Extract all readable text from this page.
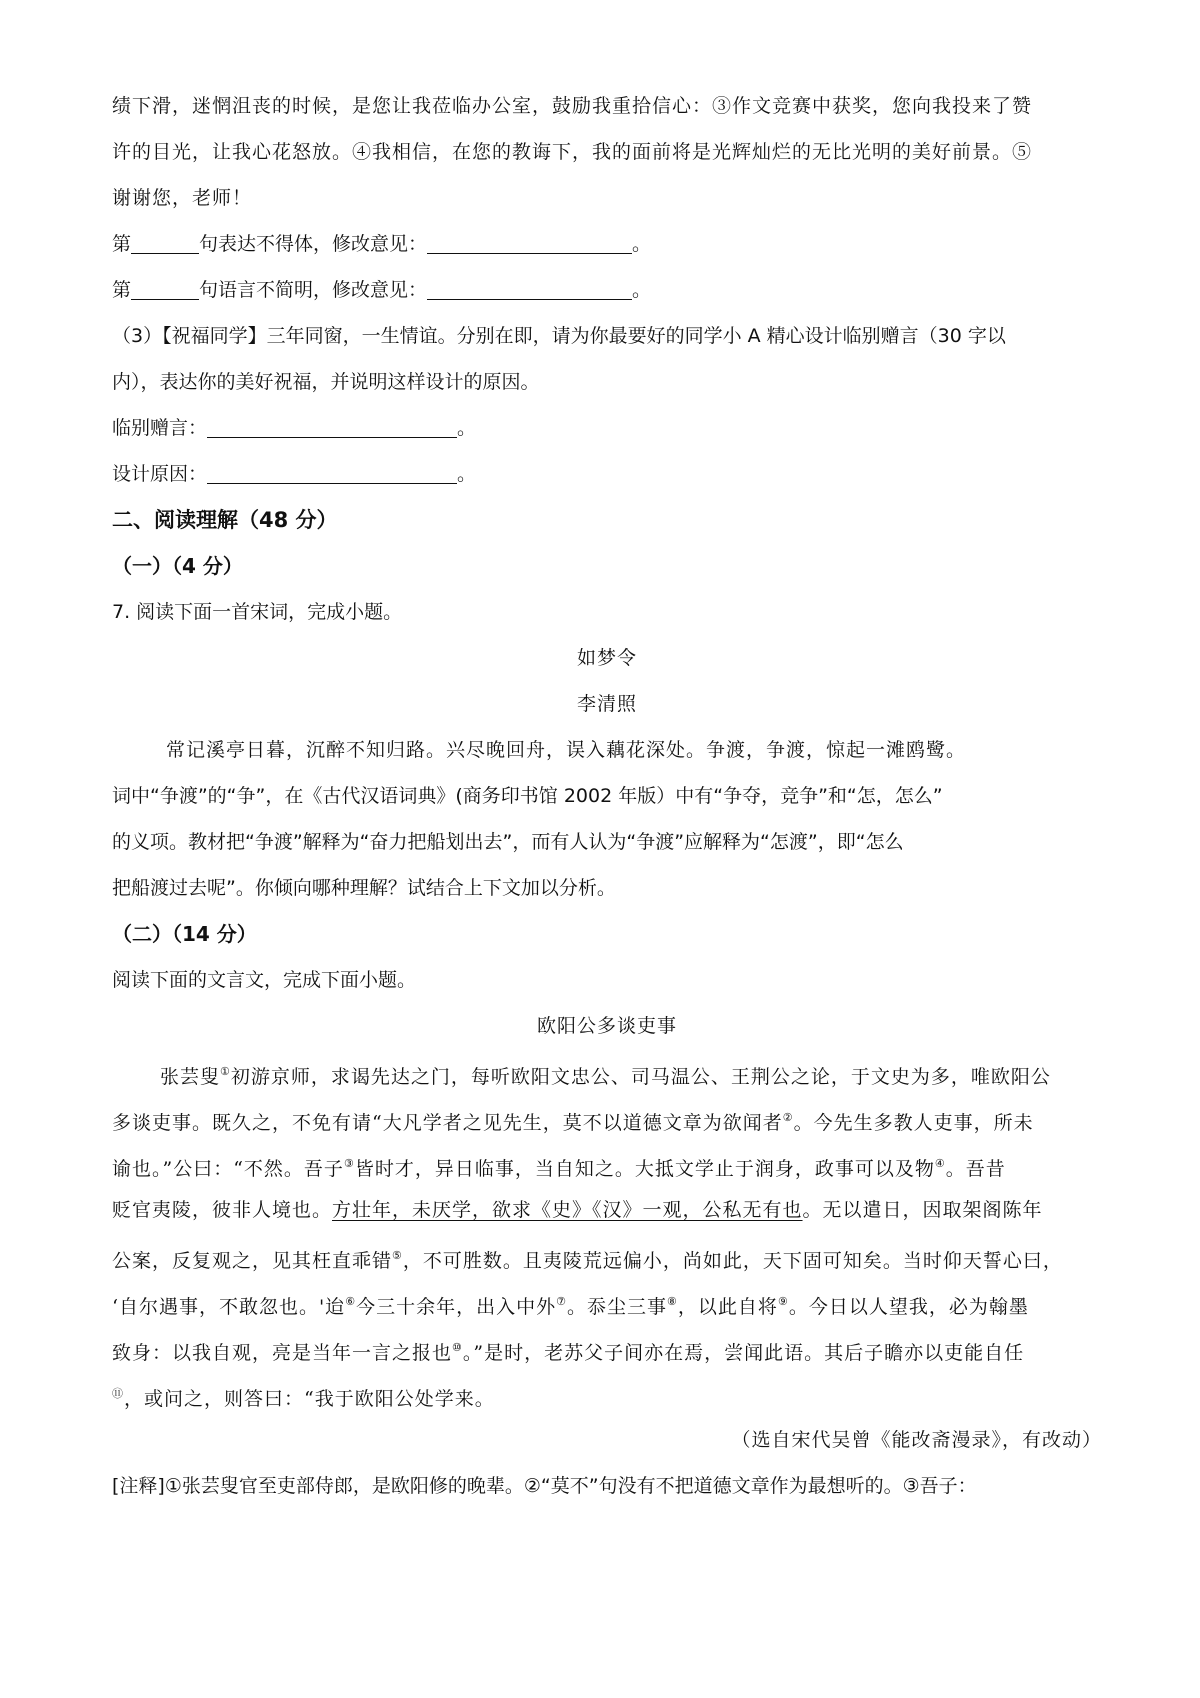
绩下滑，迷惘沮丧的时候，是您让我莅临办公室，鼓励我重拾信心：③作文竞赛中获奖，您向我投来了赞
许的目光，让我心花怒放。④我相信，在您的教诲下，我的面前将是光辉灿烂的无比光明的美好前景。⑤
谢谢您，老师！
第	句表达不得体，修改意见：	。
第	句语言不简明，修改意见：	。
（3）【祝福同学】三年同窗，一生情谊。分别在即，请为你最要好的同学小 A 精心设计临别赠言（30 字以
内），表达你的美好祝福，并说明这样设计的原因。
临别赠言：	。
设计原因：	。
二、阅读理解（48 分）
（一）（4 分）
7. 阅读下面一首宋词，完成小题。
如梦令
李清照
常记溪亭日暮，沉醉不知归路。兴尽晚回舟，误入藕花深处。争渡，争渡，惊起一滩鸥鹭。
词中“争渡”的“争”，在《古代汉语词典》(商务印书馆 2002 年版）中有“争夺，竞争”和“怎，怎么”
的义项。教材把“争渡”解释为“奋力把船划出去”，而有人认为“争渡”应解释为“怎渡”，即“怎么
把船渡过去呢”。你倾向哪种理解？试结合上下文加以分析。
（二）（14 分）
阅读下面的文言文，完成下面小题。
欧阳公多谈吏事
张芸叟①初游京师，求谒先达之门，每听欧阳文忠公、司马温公、王荆公之论，于文史为多，唯欧阳公
多谈吏事。既久之，不免有请“大凡学者之见先生，莫不以道德文章为欲闻者②。今先生多教人吏事，所未
谕也。”公曰：“不然。吾子③皆时才，异日临事，当自知之。大抵文学止于润身，政事可以及物④。吾昔
贬官夷陵，彼非人境也。方壮年，未厌学，欲求《史》《汉》一观，公私无有也。无以遣日，因取架阁陈年
公案，反复观之，见其枉直乖错⑤，不可胜数。且夷陵荒远偏小，尚如此，天下固可知矣。当时仰天誓心曰，
‘自尔遇事，不敢忽也。'迨⑥今三十余年，出入中外⑦。忝尘三事⑧，以此自将⑨。今日以人望我，必为翰墨
致身：以我自观，亮是当年一言之报也⑩。”是时，老苏父子间亦在焉，尝闻此语。其后子瞻亦以吏能自任
⑪，或问之，则答曰：“我于欧阳公处学来。
（选自宋代吴曾《能改斋漫录》，有改动）
[注释]①张芸叟官至吏部侍郎，是欧阳修的晚辈。②“莫不”句没有不把道德文章作为最想听的。③吾子：
